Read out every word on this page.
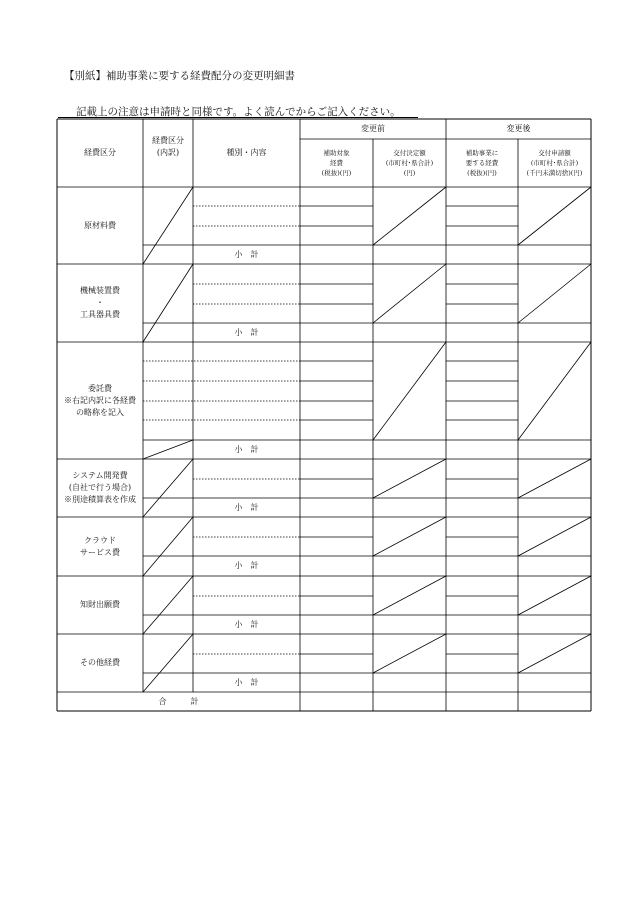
【別紙】補助事業に要する経費配分の変更明細書
記載上の注意は申請時と同様です。よく読んでからご記入ください。
経費区分
経費区分
(内訳)	種別・内容
変更前	変更後
補助対象
経費
(税抜)(円)
交付決定額
(市町村･県合計)
(円)
補助事業に
要する経費
(税抜)(円)
交付申請額
(市町村･県合計)
(千円未満切捨)(円)
原材料費
小　計
機械装置費
・
工具器具費
小　計
委託費
※右記内訳に各経費
の略称を記入
小　計
システム開発費
(自社で行う場合)
※別途積算表を作成
小　計
クラウド
サービス費
小　計
知財出願費
小　計
その他経費
小　計
合　　　計
